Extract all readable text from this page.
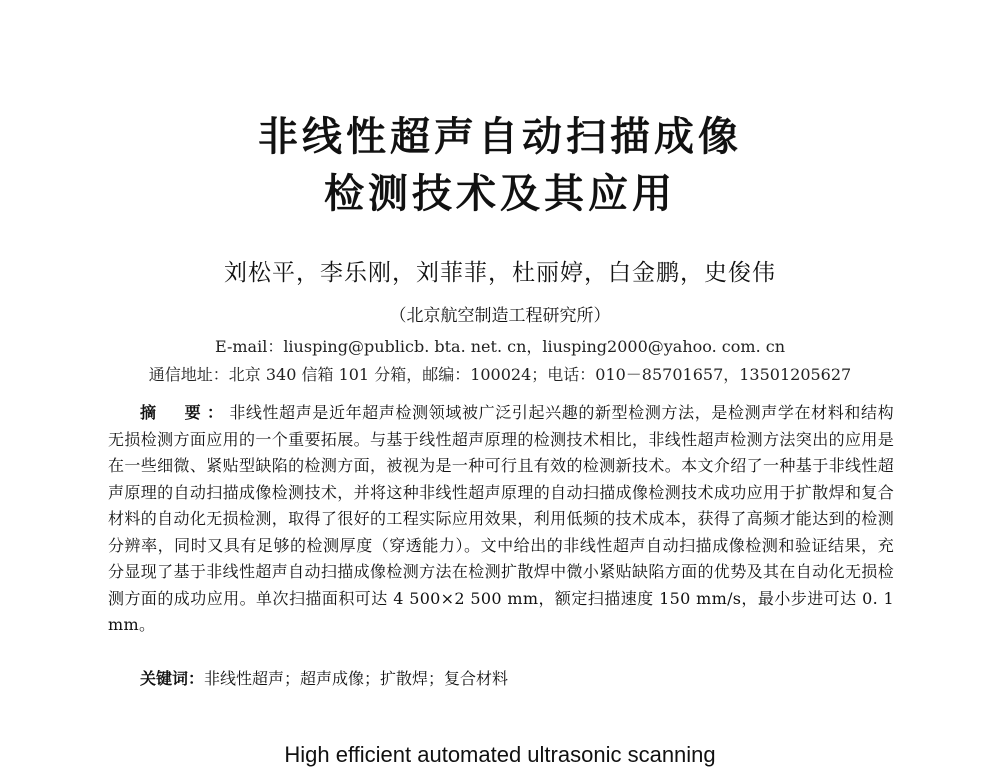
非线性超声自动扫描成像
检测技术及其应用
刘松平，李乐刚，刘菲菲，杜丽婷，白金鹏，史俊伟
（北京航空制造工程研究所）
E-mail：liusping@publicb. bta. net. cn，liusping2000@yahoo. com. cn
通信地址：北京 340 信箱 101 分箱，邮编：100024；电话：010－85701657，13501205627

摘　要：非线性超声是近年超声检测领域被广泛引起兴趣的新型检测方法，是检测声学在材料和结构无损检测方面应用的一个重要拓展。与基于线性超声原理的检测技术相比，非线性超声检测方法突出的应用是在一些细微、紧贴型缺陷的检测方面，被视为是一种可行且有效的检测新技术。本文介绍了一种基于非线性超声原理的自动扫描成像检测技术，并将这种非线性超声原理的自动扫描成像检测技术成功应用于扩散焊和复合材料的自动化无损检测，取得了很好的工程实际应用效果，利用低频的技术成本，获得了高频才能达到的检测分辨率，同时又具有足够的检测厚度（穿透能力）。文中给出的非线性超声自动扫描成像检测和验证结果，充分显现了基于非线性超声自动扫描成像检测方法在检测扩散焊中微小紧贴缺陷方面的优势及其在自动化无损检测方面的成功应用。单次扫描面积可达 4 500×2 500 mm，额定扫描速度 150 mm/s，最小步进可达 0. 1 mm。

关键词：非线性超声；超声成像；扩散焊；复合材料
High efficient automated ultrasonic scanning
